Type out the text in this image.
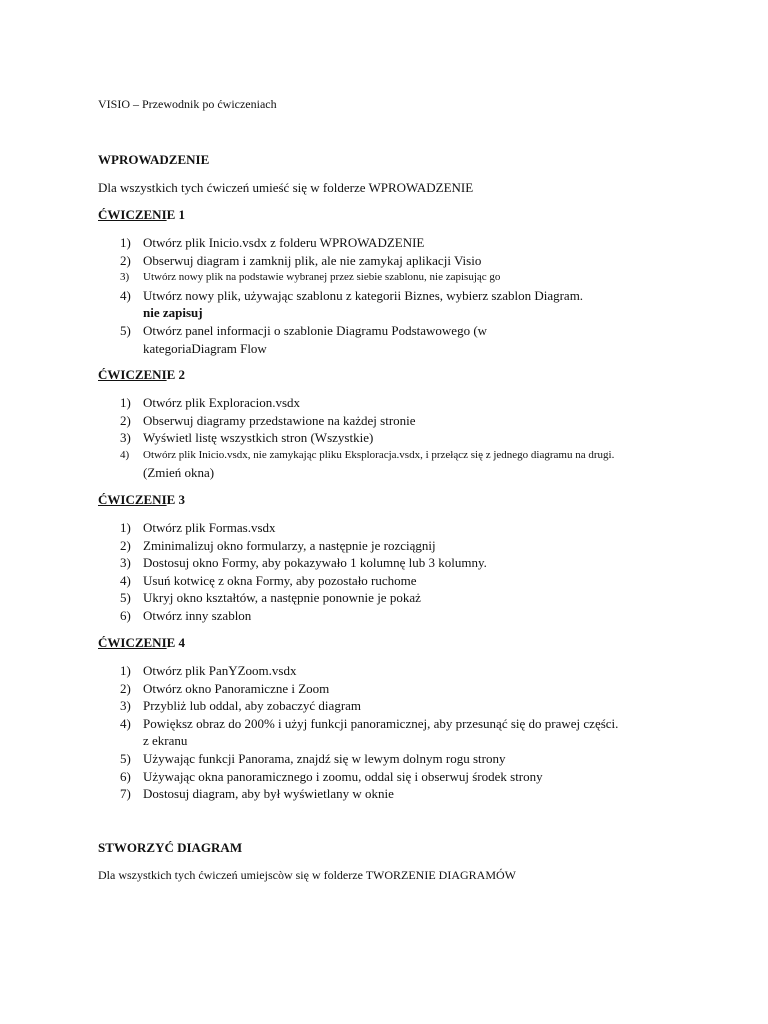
VISIO – Przewodnik po ćwiczeniach
WPROWADZENIE
Dla wszystkich tych ćwiczeń umieść się w folderze WPROWADZENIE
ĆWICZENIE 1
1) Otwórz plik Inicio.vsdx z folderu WPROWADZENIE
2) Obserwuj diagram i zamknij plik, ale nie zamykaj aplikacji Visio
3) Utwórz nowy plik na podstawie wybranej przez siebie szablonu, nie zapisując go
4) Utwórz nowy plik, używając szablonu z kategorii Biznes, wybierz szablon Diagram.
nie zapisuj
5) Otwórz panel informacji o szablonie Diagramu Podstawowego (w
kategoriaDiagram Flow
ĆWICZENIE 2
1) Otwórz plik Exploracion.vsdx
2) Obserwuj diagramy przedstawione na każdej stronie
3) Wyświetl listę wszystkich stron (Wszystkie)
4) Otwórz plik Inicio.vsdx, nie zamykając pliku Eksploracja.vsdx, i przełącz się z jednego diagramu na drugi.
(Zmień okna)
ĆWICZENIE 3
1) Otwórz plik Formas.vsdx
2) Zminimalizuj okno formularzy, a następnie je rozciągnij
3) Dostosuj okno Formy, aby pokazywało 1 kolumnę lub 3 kolumny.
4) Usuń kotwicę z okna Formy, aby pozostało ruchome
5) Ukryj okno kształtów, a następnie ponownie je pokaż
6) Otwórz inny szablon
ĆWICZENIE 4
1) Otwórz plik PanYZoom.vsdx
2) Otwórz okno Panoramiczne i Zoom
3) Przybliż lub oddal, aby zobaczyć diagram
4) Powiększ obraz do 200% i użyj funkcji panoramicznej, aby przesunąć się do prawej części.
z ekranu
5) Używając funkcji Panorama, znajdź się w lewym dolnym rogu strony
6) Używając okna panoramicznego i zoomu, oddal się i obserwuj środek strony
7) Dostosuj diagram, aby był wyświetlany w oknie
STWORZYĆ DIAGRAM
Dla wszystkich tych ćwiczeń umiejscòw się w folderze TWORZENIE DIAGRAMÓW
